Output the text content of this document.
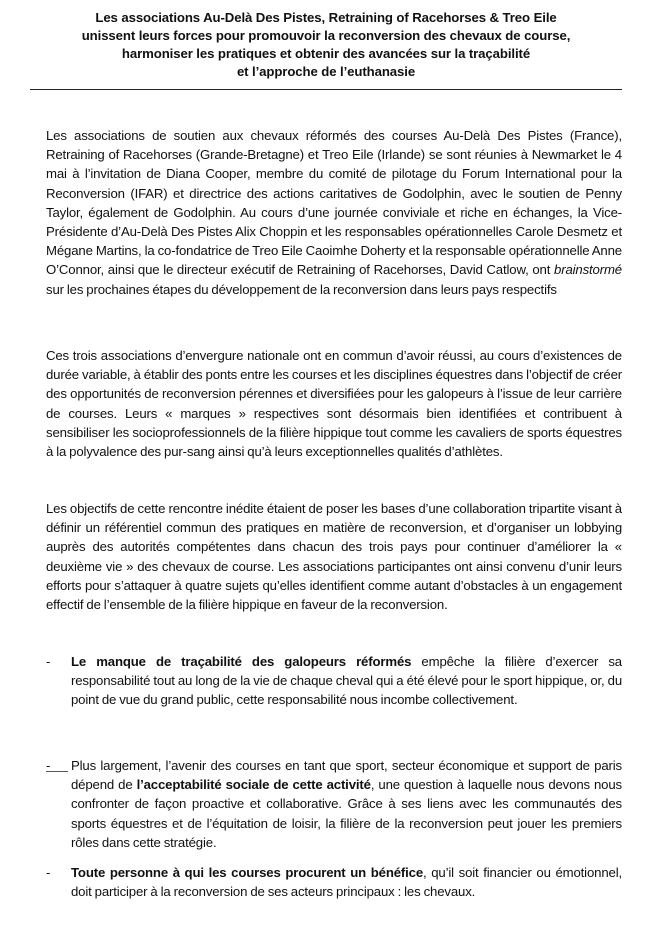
Les associations Au-Delà Des Pistes, Retraining of Racehorses & Treo Eile
unissent leurs forces pour promouvoir la reconversion des chevaux de course,
harmoniser les pratiques et obtenir des avancées sur la traçabilité
et l’approche de l’euthanasie
Les associations de soutien aux chevaux réformés des courses Au-Delà Des Pistes (France), Retraining of Racehorses (Grande-Bretagne) et Treo Eile (Irlande) se sont réunies à Newmarket le 4 mai à l’invitation de Diana Cooper, membre du comité de pilotage du Forum International pour la Reconversion (IFAR) et directrice des actions caritatives de Godolphin, avec le soutien de Penny Taylor, également de Godolphin. Au cours d’une journée conviviale et riche en échanges, la Vice-Présidente d’Au-Delà Des Pistes Alix Choppin et les responsables opérationnelles Carole Desmetz et Mégane Martins, la co-fondatrice de Treo Eile Caoimhe Doherty et la responsable opérationnelle Anne O’Connor, ainsi que le directeur exécutif de Retraining of Racehorses, David Catlow, ont brainstormé sur les prochaines étapes du développement de la reconversion dans leurs pays respectifs
Ces trois associations d’envergure nationale ont en commun d’avoir réussi, au cours d’existences de durée variable, à établir des ponts entre les courses et les disciplines équestres dans l’objectif de créer des opportunités de reconversion pérennes et diversifiées pour les galopeurs à l’issue de leur carrière de courses. Leurs « marques » respectives sont désormais bien identifiées et contribuent à sensibiliser les socioprofessionnels de la filière hippique tout comme les cavaliers de sports équestres à la polyvalence des pur-sang ainsi qu’à leurs exceptionnelles qualités d’athlètes.
Les objectifs de cette rencontre inédite étaient de poser les bases d’une collaboration tripartite visant à définir un référentiel commun des pratiques en matière de reconversion, et d’organiser un lobbying auprès des autorités compétentes dans chacun des trois pays pour continuer d’améliorer la « deuxième vie » des chevaux de course. Les associations participantes ont ainsi convenu d’unir leurs efforts pour s’attaquer à quatre sujets qu’elles identifient comme autant d’obstacles à un engagement effectif de l’ensemble de la filière hippique en faveur de la reconversion.
-	Le manque de traçabilité des galopeurs réformés empêche la filière d’exercer sa responsabilité tout au long de la vie de chaque cheval qui a été élevé pour le sport hippique, or, du point de vue du grand public, cette responsabilité nous incombe collectivement.
-	Plus largement, l’avenir des courses en tant que sport, secteur économique et support de paris dépend de l’acceptabilité sociale de cette activité, une question à laquelle nous devons nous confronter de façon proactive et collaborative. Grâce à ses liens avec les communautés des sports équestres et de l’équitation de loisir, la filière de la reconversion peut jouer les premiers rôles dans cette stratégie.
-	Toute personne à qui les courses procurent un bénéfice, qu’il soit financier ou émotionnel, doit participer à la reconversion de ses acteurs principaux : les chevaux.
